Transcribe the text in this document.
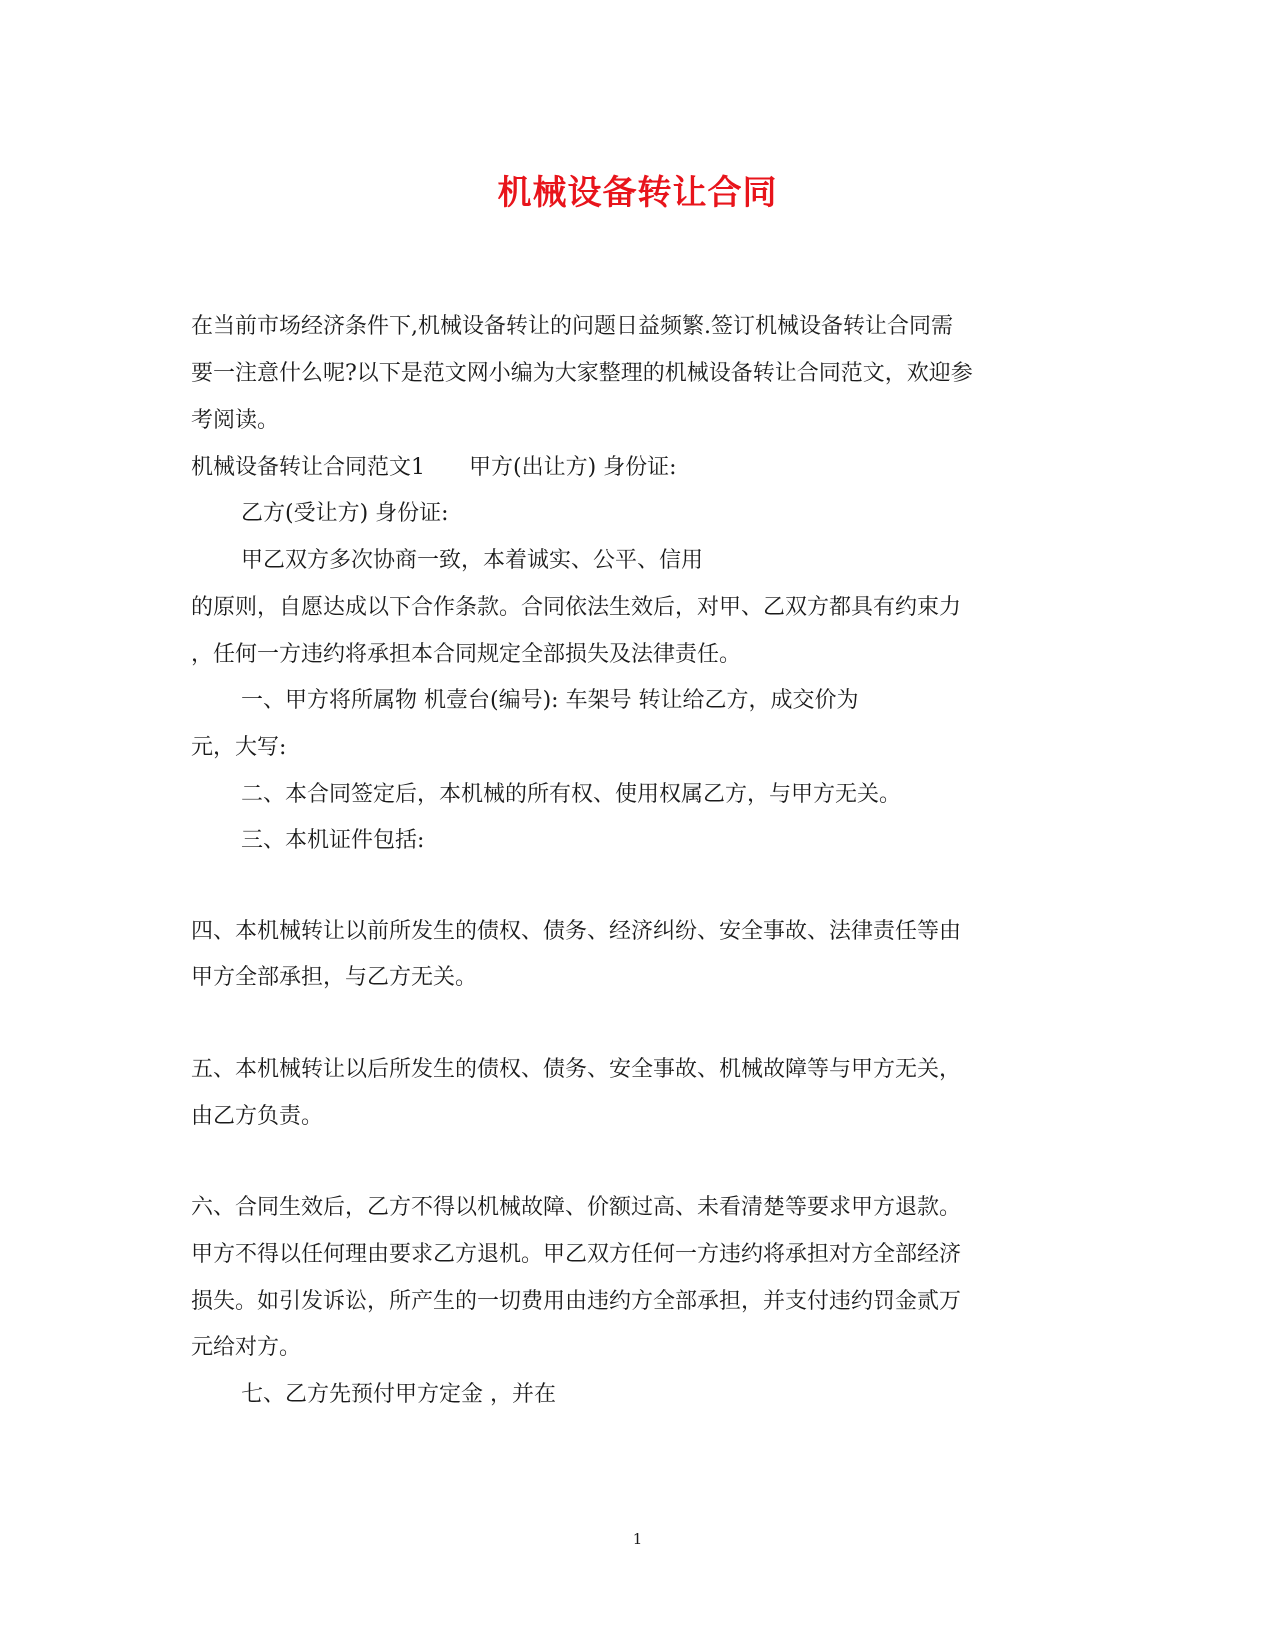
机械设备转让合同
在当前市场经济条件下,机械设备转让的问题日益频繁.签订机械设备转让合同需
要一注意什么呢?以下是范文网小编为大家整理的机械设备转让合同范文，欢迎参
考阅读。
机械设备转让合同范文1　　甲方(出让方) 身份证:
乙方(受让方) 身份证:
甲乙双方多次协商一致，本着诚实、公平、信用
的原则，自愿达成以下合作条款。合同依法生效后，对甲、乙双方都具有约束力
，任何一方违约将承担本合同规定全部损失及法律责任。
一、甲方将所属物 机壹台(编号): 车架号 转让给乙方，成交价为
元，大写:
二、本合同签定后，本机械的所有权、使用权属乙方，与甲方无关。
三、本机证件包括:
四、本机械转让以前所发生的债权、债务、经济纠纷、安全事故、法律责任等由
甲方全部承担，与乙方无关。
五、本机械转让以后所发生的债权、债务、安全事故、机械故障等与甲方无关，
由乙方负责。
六、合同生效后，乙方不得以机械故障、价额过高、未看清楚等要求甲方退款。
甲方不得以任何理由要求乙方退机。甲乙双方任何一方违约将承担对方全部经济
损失。如引发诉讼，所产生的一切费用由违约方全部承担，并支付违约罚金贰万
元给对方。
七、乙方先预付甲方定金 ，并在
1
